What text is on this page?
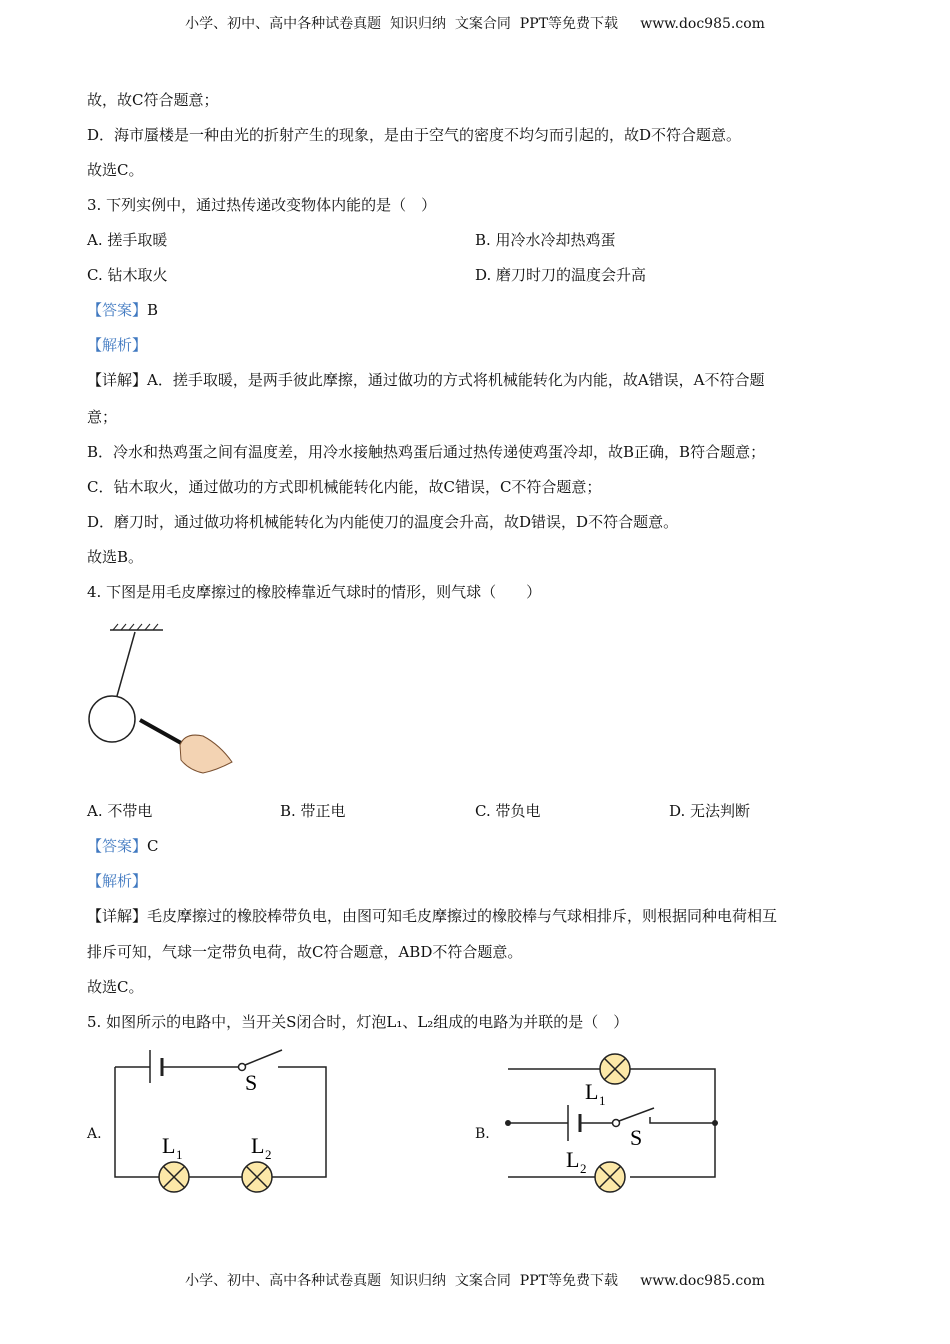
小学、初中、高中各种试卷真题  知识归纳  文案合同  PPT等免费下载     www.doc985.com
故，故C符合题意；
D．海市蜃楼是一种由光的折射产生的现象，是由于空气的密度不均匀而引起的，故D不符合题意。
故选C。
3. 下列实例中，通过热传递改变物体内能的是（　）
A. 搓手取暖	B. 用冷水冷却热鸡蛋
C. 钻木取火	D. 磨刀时刀的温度会升高
【答案】B
【解析】
【详解】A．搓手取暖，是两手彼此摩擦，通过做功的方式将机械能转化为内能，故A错误，A不符合题
意；
B．冷水和热鸡蛋之间有温度差，用冷水接触热鸡蛋后通过热传递使鸡蛋冷却，故B正确，B符合题意；
C．钻木取火，通过做功的方式即机械能转化内能，故C错误，C不符合题意；
D．磨刀时，通过做功将机械能转化为内能使刀的温度会升高，故D错误，D不符合题意。
故选B。
4. 下图是用毛皮摩擦过的橡胶棒靠近气球时的情形，则气球（　　）
A. 不带电	B. 带正电	C. 带负电	D. 无法判断
【答案】C
【解析】
【详解】毛皮摩擦过的橡胶棒带负电，由图可知毛皮摩擦过的橡胶棒与气球相排斥，则根据同种电荷相互
排斥可知，气球一定带负电荷，故C符合题意，ABD不符合题意。
故选C。
5. 如图所示的电路中，当开关S闭合时，灯泡L₁、L₂组成的电路为并联的是（　）
A.
S
L 1	L 2
B.
L 1
S
L 2
小学、初中、高中各种试卷真题  知识归纳  文案合同  PPT等免费下载     www.doc985.com
